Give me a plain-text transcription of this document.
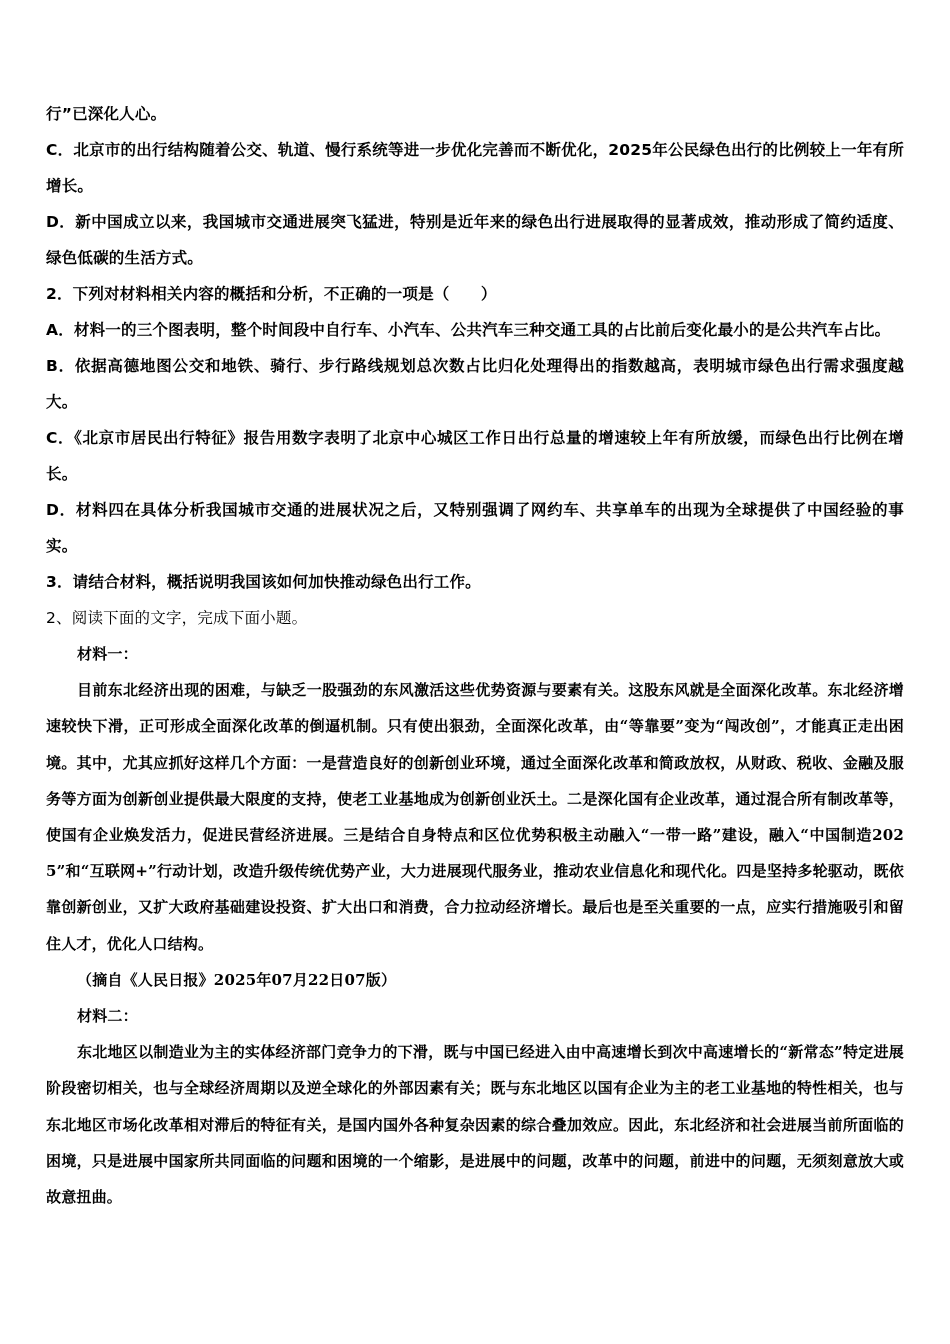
行”已深化人心。

C．北京市的出行结构随着公交、轨道、慢行系统等进一步优化完善而不断优化，2025年公民绿色出行的比例较上一年有所增长。

D．新中国成立以来，我国城市交通进展突飞猛进，特别是近年来的绿色出行进展取得的显著成效，推动形成了简约适度、绿色低碳的生活方式。

2．下列对材料相关内容的概括和分析，不正确的一项是（　　）

A．材料一的三个图表明，整个时间段中自行车、小汽车、公共汽车三种交通工具的占比前后变化最小的是公共汽车占比。

B．依据高德地图公交和地铁、骑行、步行路线规划总次数占比归化处理得出的指数越高，表明城市绿色出行需求强度越大。

C．《北京市居民出行特征》报告用数字表明了北京中心城区工作日出行总量的增速较上年有所放缓，而绿色出行比例在增长。

D．材料四在具体分析我国城市交通的进展状况之后，又特别强调了网约车、共享单车的出现为全球提供了中国经验的事实。

3．请结合材料，概括说明我国该如何加快推动绿色出行工作。

2、阅读下面的文字，完成下面小题。

材料一：

目前东北经济出现的困难，与缺乏一股强劲的东风激活这些优势资源与要素有关。这股东风就是全面深化改革。东北经济增速较快下滑，正可形成全面深化改革的倒逼机制。只有使出狠劲，全面深化改革，由“等靠要”变为“闯改创”，才能真正走出困境。其中，尤其应抓好这样几个方面：一是营造良好的创新创业环境，通过全面深化改革和简政放权，从财政、税收、金融及服务等方面为创新创业提供最大限度的支持，使老工业基地成为创新创业沃土。二是深化国有企业改革，通过混合所有制改革等，使国有企业焕发活力，促进民营经济进展。三是结合自身特点和区位优势积极主动融入“一带一路”建设，融入“中国制造2025”和“互联网+”行动计划，改造升级传统优势产业，大力进展现代服务业，推动农业信息化和现代化。四是坚持多轮驱动，既依靠创新创业，又扩大政府基础建设投资、扩大出口和消费，合力拉动经济增长。最后也是至关重要的一点，应实行措施吸引和留住人才，优化人口结构。

（摘自《人民日报》2025年07月22日07版）

材料二：

东北地区以制造业为主的实体经济部门竞争力的下滑，既与中国已经进入由中高速增长到次中高速增长的“新常态”特定进展阶段密切相关，也与全球经济周期以及逆全球化的外部因素有关；既与东北地区以国有企业为主的老工业基地的特性相关，也与东北地区市场化改革相对滞后的特征有关，是国内国外各种复杂因素的综合叠加效应。因此，东北经济和社会进展当前所面临的困境，只是进展中国家所共同面临的问题和困境的一个缩影，是进展中的问题，改革中的问题，前进中的问题，无须刻意放大或故意扭曲。
